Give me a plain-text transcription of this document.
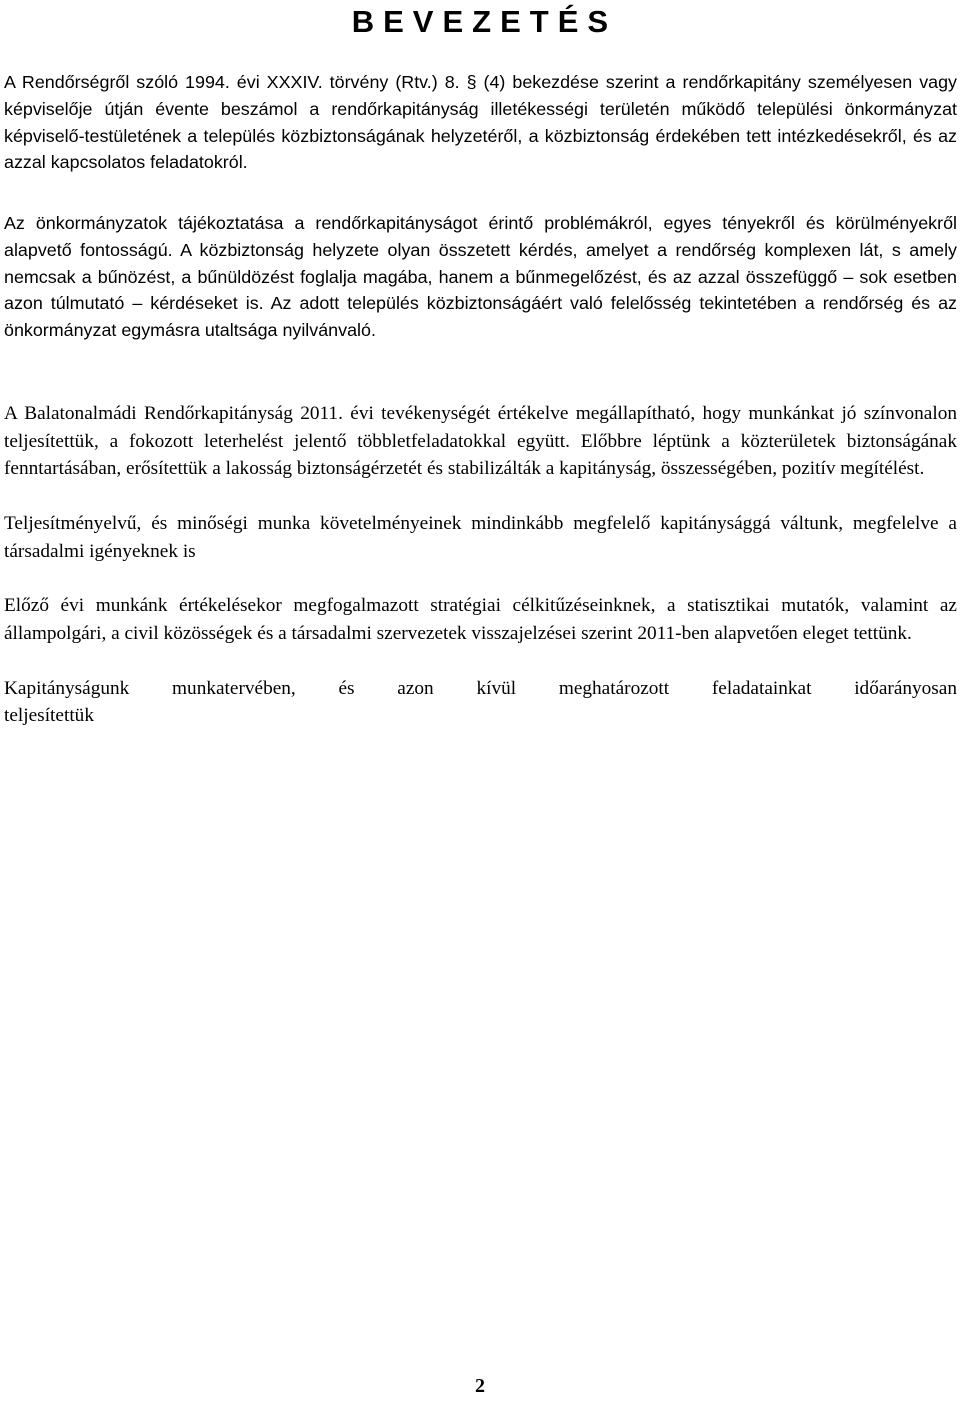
B E V E Z E T É S

A Rendőrségről szóló 1994. évi XXXIV. törvény (Rtv.) 8. § (4) bekezdése szerint a rendőrkapitány személyesen vagy képviselője útján évente beszámol a rendőrkapitányság illetékességi területén működő települési önkormányzat képviselő-testületének a település közbiztonságának helyzetéről, a közbiztonság érdekében tett intézkedésekről, és az azzal kapcsolatos feladatokról.

Az önkormányzatok tájékoztatása a rendőrkapitányságot érintő problémákról, egyes tényekről és körülményekről alapvető fontosságú. A közbiztonság helyzete olyan összetett kérdés, amelyet a rendőrség komplexen lát, s amely nemcsak a bűnözést, a bűnüldözést foglalja magába, hanem a bűnmegelőzést, és az azzal összefüggő – sok esetben azon túlmutató – kérdéseket is. Az adott település közbiztonságáért való felelősség tekintetében a rendőrség és az önkormányzat egymásra utaltsága nyilvánvaló.

A Balatonalmádi Rendőrkapitányság 2011. évi tevékenységét értékelve megállapítható, hogy munkánkat jó színvonalon teljesítettük, a fokozott leterhelést jelentő többletfeladatokkal együtt. Előbbre léptünk a közterületek biztonságának fenntartásában, erősítettük a lakosság biztonságérzetét és stabilizálták a kapitányság, összességében, pozitív megítélést.

Teljesítményelvű, és minőségi munka követelményeinek mindinkább megfelelő kapitánysággá váltunk, megfelelve a társadalmi igényeknek is

Előző évi munkánk értékelésekor megfogalmazott stratégiai célkitűzéseinknek, a statisztikai mutatók, valamint az állampolgári, a civil közösségek és a társadalmi szervezetek visszajelzései szerint 2011-ben alapvetően eleget tettünk.

Kapitányságunk munkatervében, és azon kívül meghatározott feladatainkat időarányosan

teljesítettük

2
